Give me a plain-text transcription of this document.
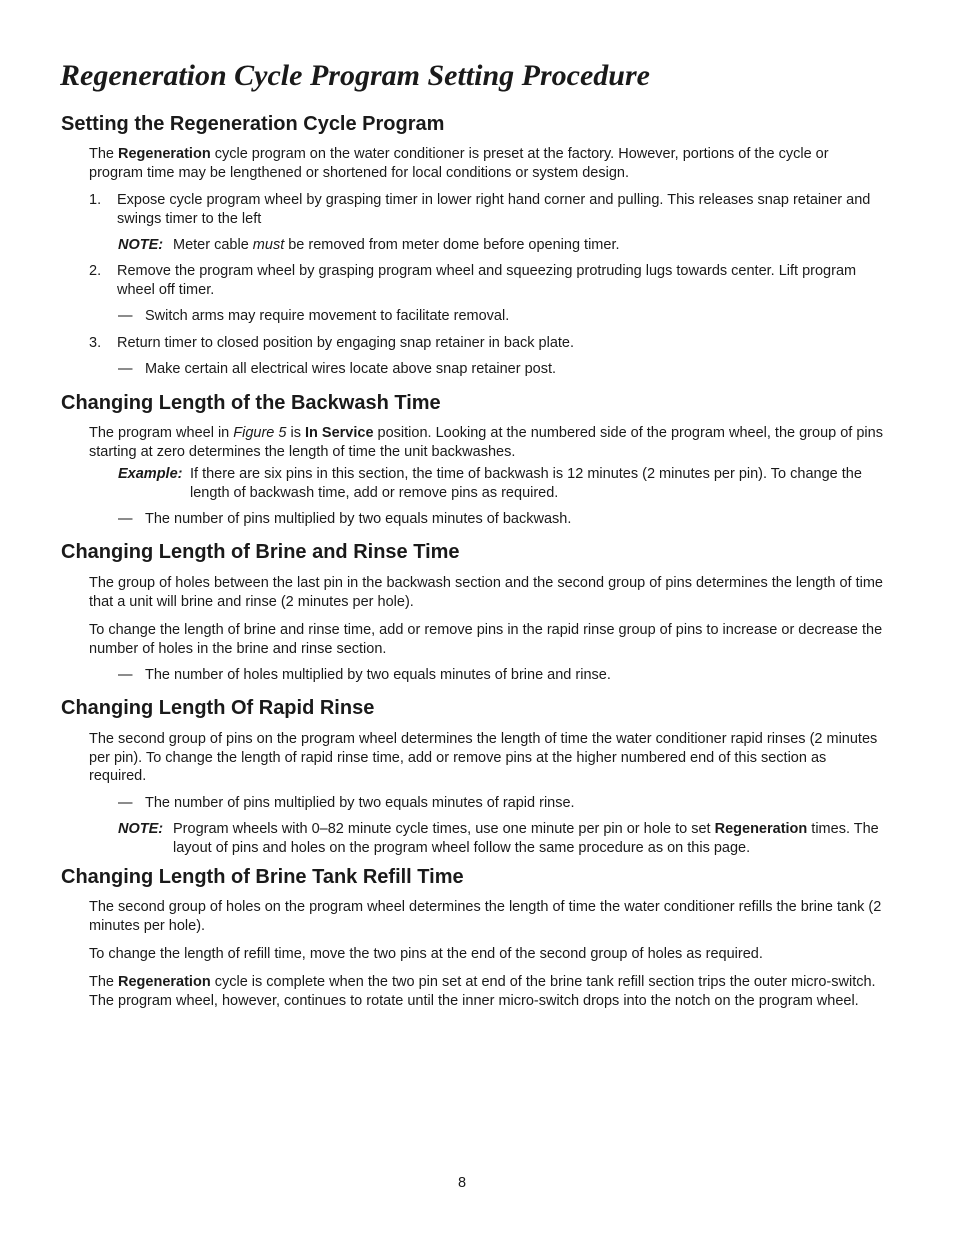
Regeneration Cycle Program Setting Procedure
Setting the Regeneration Cycle Program

The Regeneration cycle program on the water conditioner is preset at the factory. However, portions of the cycle or program time may be lengthened or shortened for local conditions or system design.

1. Expose cycle program wheel by grasping timer in lower right hand corner and pulling. This releases snap retainer and swings timer to the left
NOTE: Meter cable must be removed from meter dome before opening timer.
2. Remove the program wheel by grasping program wheel and squeezing protruding lugs towards center. Lift program wheel off timer.
— Switch arms may require movement to facilitate removal.
3. Return timer to closed position by engaging snap retainer in back plate.
— Make certain all electrical wires locate above snap retainer post.
Changing Length of the Backwash Time

The program wheel in Figure 5 is In Service position. Looking at the numbered side of the program wheel, the group of pins starting at zero determines the length of time the unit backwashes.

Example: If there are six pins in this section, the time of backwash is 12 minutes (2 minutes per pin). To change the length of backwash time, add or remove pins as required.
— The number of pins multiplied by two equals minutes of backwash.
Changing Length of Brine and Rinse Time

The group of holes between the last pin in the backwash section and the second group of pins determines the length of time that a unit will brine and rinse (2 minutes per hole).

To change the length of brine and rinse time, add or remove pins in the rapid rinse group of pins to increase or decrease the number of holes in the brine and rinse section.

— The number of holes multiplied by two equals minutes of brine and rinse.
Changing Length Of Rapid Rinse

The second group of pins on the program wheel determines the length of time the water conditioner rapid rinses (2 minutes per pin). To change the length of rapid rinse time, add or remove pins at the higher numbered end of this section as required.

— The number of pins multiplied by two equals minutes of rapid rinse.
NOTE: Program wheels with 0–82 minute cycle times, use one minute per pin or hole to set Regeneration times. The layout of pins and holes on the program wheel follow the same procedure as on this page.
Changing Length of Brine Tank Refill Time

The second group of holes on the program wheel determines the length of time the water conditioner refills the brine tank (2 minutes per hole).

To change the length of refill time, move the two pins at the end of the second group of holes as required.

The Regeneration cycle is complete when the two pin set at end of the brine tank refill section trips the outer micro-switch. The program wheel, however, continues to rotate until the inner micro-switch drops into the notch on the program wheel.

8
